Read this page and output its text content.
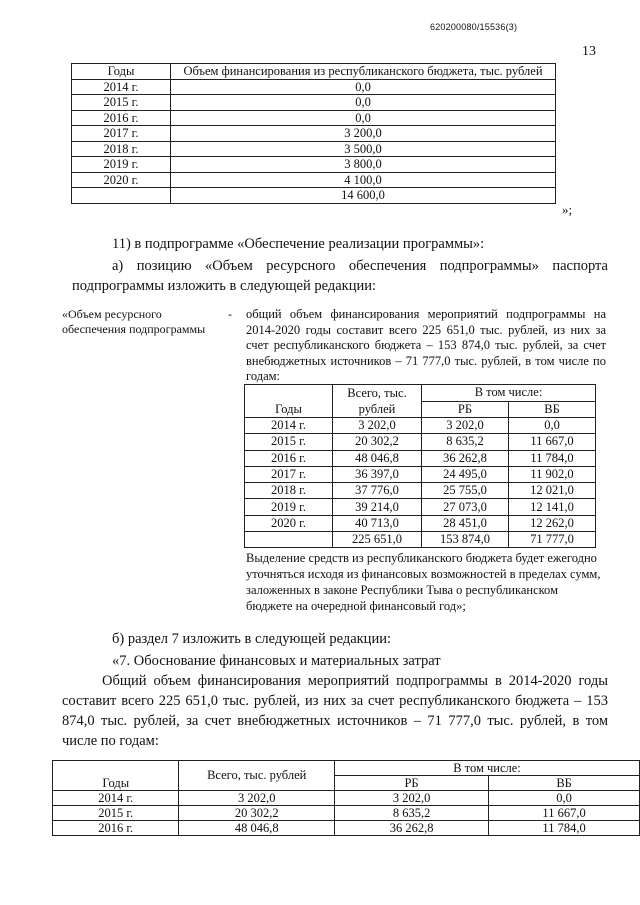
620200080/15536(3)
13
Годы	Объем финансирования из республиканского бюджета, тыс. рублей
2014 г.	0,0
2015 г.	0,0
2016 г.	0,0
2017 г.	3 200,0
2018 г.	3 500,0
2019 г.	3 800,0
2020 г.	4 100,0
	14 600,0
»;
11) в подпрограмме «Обеспечение реализации программы»:
а) позицию «Объем ресурсного обеспечения подпрограммы» паспорта подпрограммы изложить в следующей редакции:
«Объем ресурсного обеспечения подпрограммы
- общий объем финансирования мероприятий подпрограммы на 2014-2020 годы составит всего 225 651,0 тыс. рублей, из них за счет республиканского бюджета – 153 874,0 тыс. рублей, за счет внебюджетных источников – 71 777,0 тыс. рублей, в том числе по годам:
Годы	Всего, тыс. рублей	В том числе:	
		РБ	ВБ
2014 г.	3 202,0	3 202,0	0,0
2015 г.	20 302,2	8 635,2	11 667,0
2016 г.	48 046,8	36 262,8	11 784,0
2017 г.	36 397,0	24 495,0	11 902,0
2018 г.	37 776,0	25 755,0	12 021,0
2019 г.	39 214,0	27 073,0	12 141,0
2020 г.	40 713,0	28 451,0	12 262,0
	225 651,0	153 874,0	71 777,0
Выделение средств из республиканского бюджета будет ежегодно уточняться исходя из финансовых возможностей в пределах сумм, заложенных в законе Республики Тыва о республиканском бюджете на очередной финансовый год»;
б) раздел 7 изложить в следующей редакции:
«7. Обоснование финансовых и материальных затрат
Общий объем финансирования мероприятий подпрограммы в 2014-2020 годы составит всего 225 651,0 тыс. рублей, из них за счет республиканского бюджета – 153 874,0 тыс. рублей, за счет внебюджетных источников – 71 777,0 тыс. рублей, в том числе по годам:
Годы	Всего, тыс. рублей	В том числе:	
		РБ	ВБ
2014 г.	3 202,0	3 202,0	0,0
2015 г.	20 302,2	8 635,2	11 667,0
2016 г.	48 046,8	36 262,8	11 784,0
